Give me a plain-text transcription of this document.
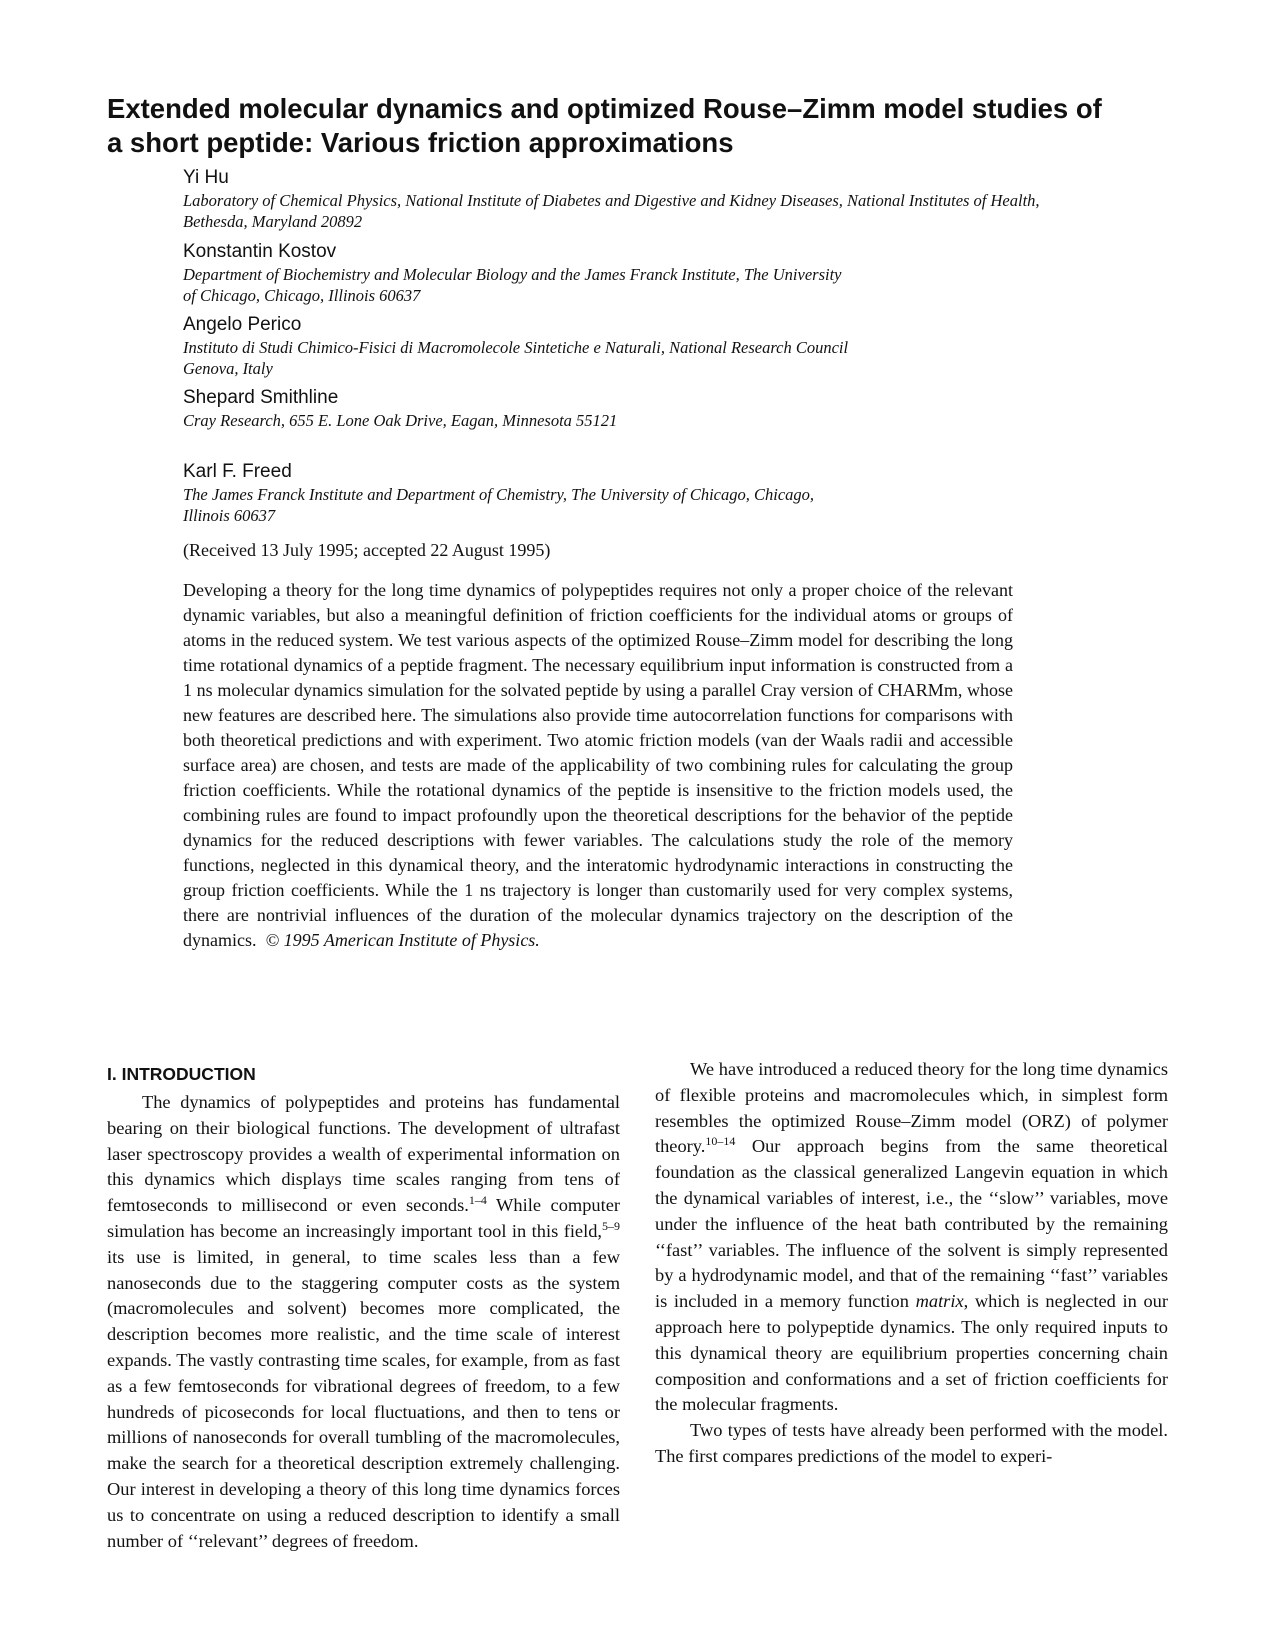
Extended molecular dynamics and optimized Rouse–Zimm model studies of a short peptide: Various friction approximations
Yi Hu
Laboratory of Chemical Physics, National Institute of Diabetes and Digestive and Kidney Diseases, National Institutes of Health, Bethesda, Maryland 20892
Konstantin Kostov
Department of Biochemistry and Molecular Biology and the James Franck Institute, The University of Chicago, Chicago, Illinois 60637
Angelo Perico
Instituto di Studi Chimico-Fisici di Macromolecole Sintetiche e Naturali, National Research Council Genova, Italy
Shepard Smithline
Cray Research, 655 E. Lone Oak Drive, Eagan, Minnesota 55121
Karl F. Freed
The James Franck Institute and Department of Chemistry, The University of Chicago, Chicago, Illinois 60637
(Received 13 July 1995; accepted 22 August 1995)

Developing a theory for the long time dynamics of polypeptides requires not only a proper choice of the relevant dynamic variables, but also a meaningful definition of friction coefficients for the individual atoms or groups of atoms in the reduced system. We test various aspects of the optimized Rouse–Zimm model for describing the long time rotational dynamics of a peptide fragment. The necessary equilibrium input information is constructed from a 1 ns molecular dynamics simulation for the solvated peptide by using a parallel Cray version of CHARMm, whose new features are described here. The simulations also provide time autocorrelation functions for comparisons with both theoretical predictions and with experiment. Two atomic friction models (van der Waals radii and accessible surface area) are chosen, and tests are made of the applicability of two combining rules for calculating the group friction coefficients. While the rotational dynamics of the peptide is insensitive to the friction models used, the combining rules are found to impact profoundly upon the theoretical descriptions for the behavior of the peptide dynamics for the reduced descriptions with fewer variables. The calculations study the role of the memory functions, neglected in this dynamical theory, and the interatomic hydrodynamic interactions in constructing the group friction coefficients. While the 1 ns trajectory is longer than customarily used for very complex systems, there are nontrivial influences of the duration of the molecular dynamics trajectory on the description of the dynamics. © 1995 American Institute of Physics.

I. INTRODUCTION

The dynamics of polypeptides and proteins has fundamental bearing on their biological functions. The development of ultrafast laser spectroscopy provides a wealth of experimental information on this dynamics which displays time scales ranging from tens of femtoseconds to millisecond or even seconds.$^{1-4}$ While computer simulation has become an increasingly important tool in this field,$^{5-9}$ its use is limited, in general, to time scales less than a few nanoseconds due to the staggering computer costs as the system (macromolecules and solvent) becomes more complicated, the description becomes more realistic, and the time scale of interest expands. The vastly contrasting time scales, for example, from as fast as a few femtoseconds for vibrational degrees of freedom, to a few hundreds of picoseconds for local fluctuations, and then to tens or millions of nanoseconds for overall tumbling of the macromolecules, make the search for a theoretical description extremely challenging. Our interest in developing a theory of this long time dynamics forces us to concentrate on using a reduced description to identify a small number of ‘‘relevant’’ degrees of freedom.

We have introduced a reduced theory for the long time dynamics of flexible proteins and macromolecules which, in simplest form resembles the optimized Rouse–Zimm model (ORZ) of polymer theory.$^{10-14}$ Our approach begins from the same theoretical foundation as the classical generalized Langevin equation in which the dynamical variables of interest, i.e., the ‘‘slow’’ variables, move under the influence of the heat bath contributed by the remaining ‘‘fast’’ variables. The influence of the solvent is simply represented by a hydrodynamic model, and that of the remaining ‘‘fast’’ variables is included in a memory function matrix, which is neglected in our approach here to polypeptide dynamics. The only required inputs to this dynamical theory are equilibrium properties concerning chain composition and conformations and a set of friction coefficients for the molecular fragments.

Two types of tests have already been performed with the model. The first compares predictions of the model to experi-
